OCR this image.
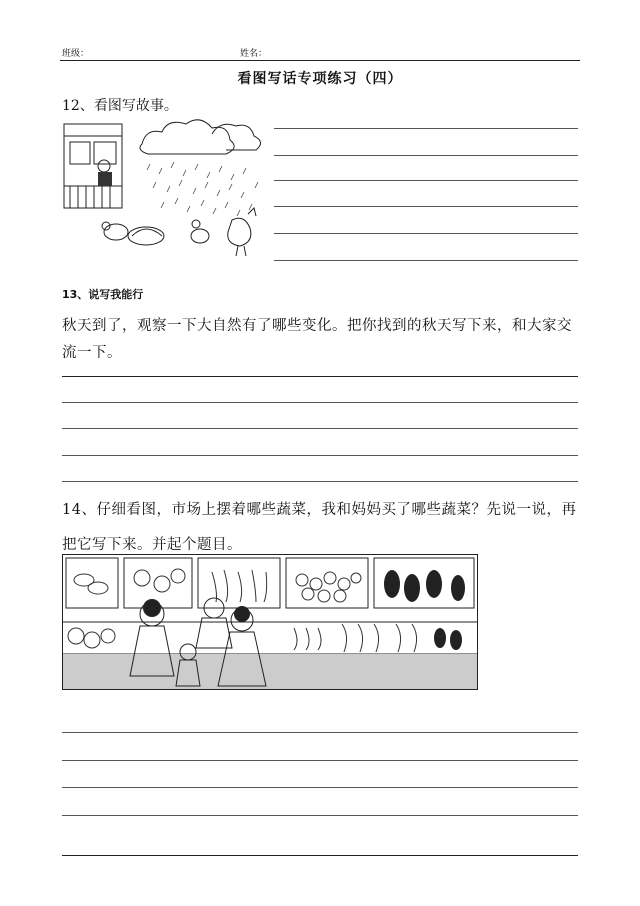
班级：	姓名：
看图写话专项练习（四）
12、看图写故事。
13、说写我能行
秋天到了，观察一下大自然有了哪些变化。把你找到的秋天写下来，和大家交流一下。
14、仔细看图，市场上摆着哪些蔬菜，我和妈妈买了哪些蔬菜？先说一说，再
把它写下来。并起个题目。
